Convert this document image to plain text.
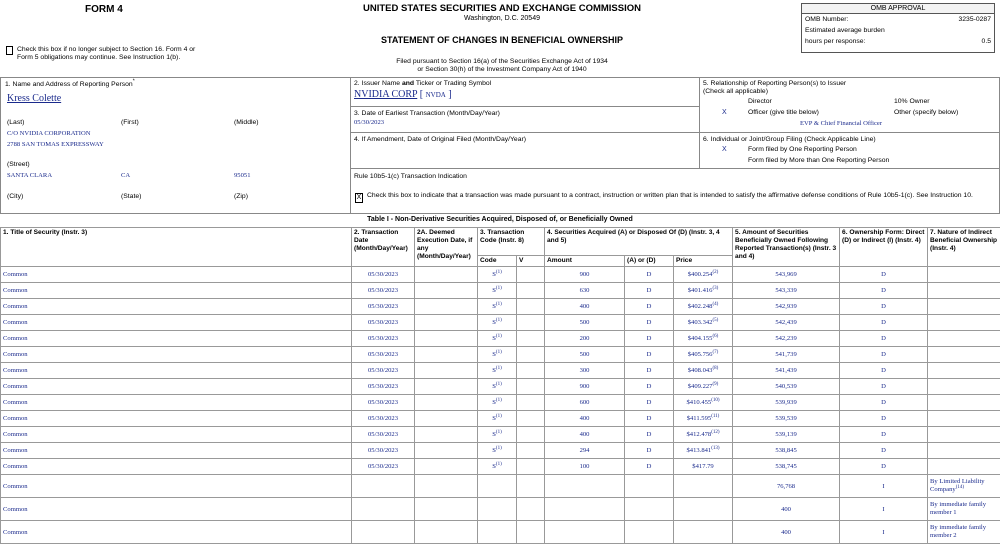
FORM 4	UNITED STATES SECURITIES AND EXCHANGE COMMISSION
Washington, D.C. 20549
STATEMENT OF CHANGES IN BENEFICIAL OWNERSHIP
Filed pursuant to Section 16(a) of the Securities Exchange Act of 1934
or Section 30(h) of the Investment Company Act of 1940
OMB APPROVAL
OMB Number:	3235-0287
Estimated average burden
hours per response:	0.5
Check this box if no longer subject to Section 16. Form 4 or Form 5 obligations may continue. See Instruction 1(b).
1. Name and Address of Reporting Person*
Kress Colette
(Last)	(First)	(Middle)
C/O NVIDIA CORPORATION
2788 SAN TOMAS EXPRESSWAY
(Street)
SANTA CLARA	CA	95051
(City)	(State)	(Zip)
2. Issuer Name and Ticker or Trading Symbol
NVIDIA CORP [ NVDA ]
3. Date of Earliest Transaction (Month/Day/Year)
05/30/2023
4. If Amendment, Date of Original Filed (Month/Day/Year)
5. Relationship of Reporting Person(s) to Issuer
(Check all applicable)
Director	10% Owner
X	Officer (give title below)	Other (specify below)
EVP & Chief Financial Officer
6. Individual or Joint/Group Filing (Check Applicable Line)
X	Form filed by One Reporting Person
Form filed by More than One Reporting Person
Rule 10b5-1(c) Transaction Indication
X Check this box to indicate that a transaction was made pursuant to a contract, instruction or written plan that is intended to satisfy the affirmative defense conditions of Rule 10b5-1(c). See Instruction 10.
Table I - Non-Derivative Securities Acquired, Disposed of, or Beneficially Owned
1. Title of Security (Instr. 3)	2. Transaction Date (Month/Day/Year)	2A. Deemed Execution Date, if any (Month/Day/Year)	3. Transaction Code (Instr. 8)		4. Securities Acquired (A) or Disposed Of (D) (Instr. 3, 4 and 5)			5. Amount of Securities Beneficially Owned Following Reported Transaction(s) (Instr. 3 and 4)	6. Ownership Form: Direct (D) or Indirect (I) (Instr. 4)	7. Nature of Indirect Beneficial Ownership (Instr. 4)
			Code	V	Amount	(A) or (D)	Price			
Common	05/30/2023		$S^{(1)}$		900	D	$400.254$^{(2)}$	543,969	D	
Common	05/30/2023		$S^{(1)}$		630	D	$401.416$^{(3)}$	543,339	D	
Common	05/30/2023		$S^{(1)}$		400	D	$402.248$^{(4)}$	542,939	D	
Common	05/30/2023		$S^{(1)}$		500	D	$403.342$^{(5)}$	542,439	D	
Common	05/30/2023		$S^{(1)}$		200	D	$404.155$^{(6)}$	542,239	D	
Common	05/30/2023		$S^{(1)}$		500	D	$405.756$^{(7)}$	541,739	D	
Common	05/30/2023		$S^{(1)}$		300	D	$408.043$^{(8)}$	541,439	D	
Common	05/30/2023		$S^{(1)}$		900	D	$409.227$^{(9)}$	540,539	D	
Common	05/30/2023		$S^{(1)}$		600	D	$410.455$^{(10)}$	539,939	D	
Common	05/30/2023		$S^{(1)}$		400	D	$411.595$^{(11)}$	539,539	D	
Common	05/30/2023		$S^{(1)}$		400	D	$412.478$^{(12)}$	539,139	D	
Common	05/30/2023		$S^{(1)}$		294	D	$413.841$^{(13)}$	538,845	D	
Common	05/30/2023		$S^{(1)}$		100	D	$417.79	538,745	D	
Common								76,768	I	By Limited Liability Company$^{(14)}$
Common								400	I	By immediate family member 1
Common								400	I	By immediate family member 2
